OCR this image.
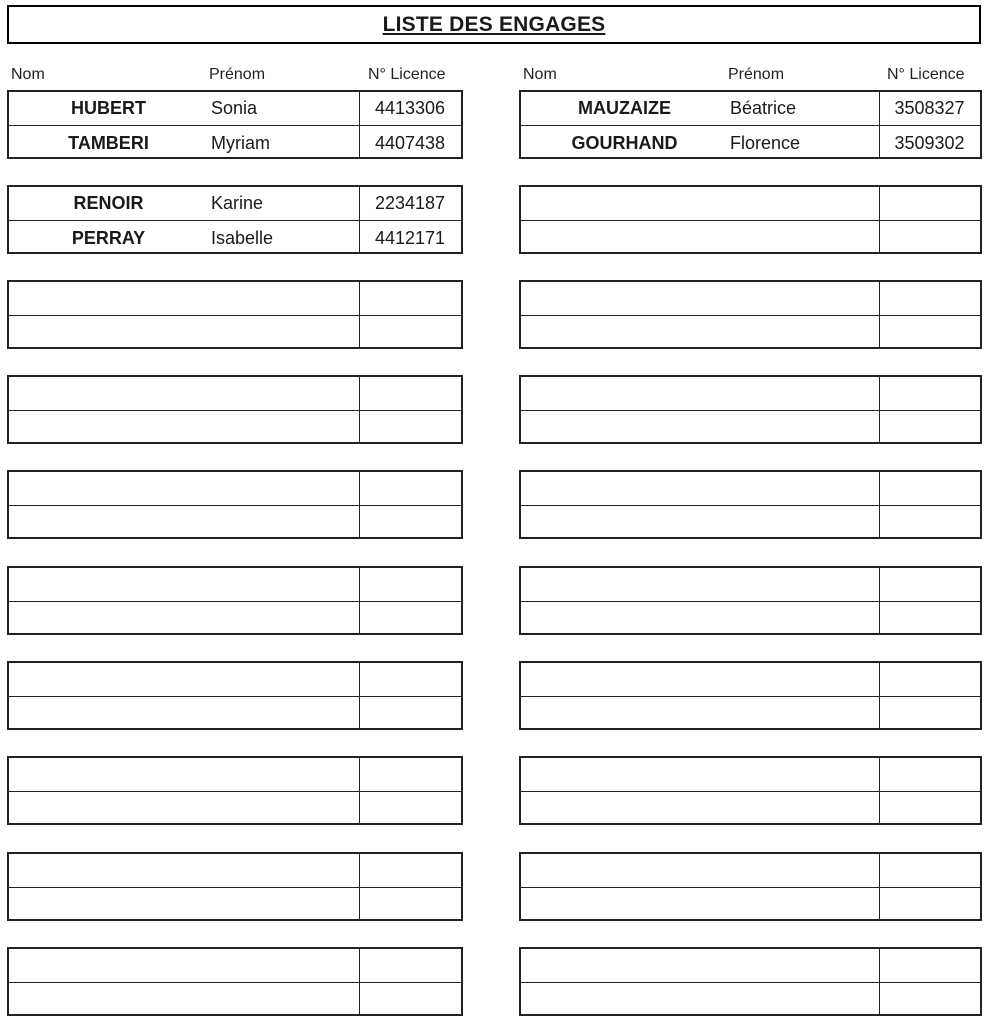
LISTE DES ENGAGES
Nom	Prénom	N° Licence
HUBERT	Sonia	4413306
TAMBERI	Myriam	4407438
RENOIR	Karine	2234187
PERRAY	Isabelle	4412171
Nom	Prénom	N° Licence
MAUZAIZE	Béatrice	3508327
GOURHAND	Florence	3509302
